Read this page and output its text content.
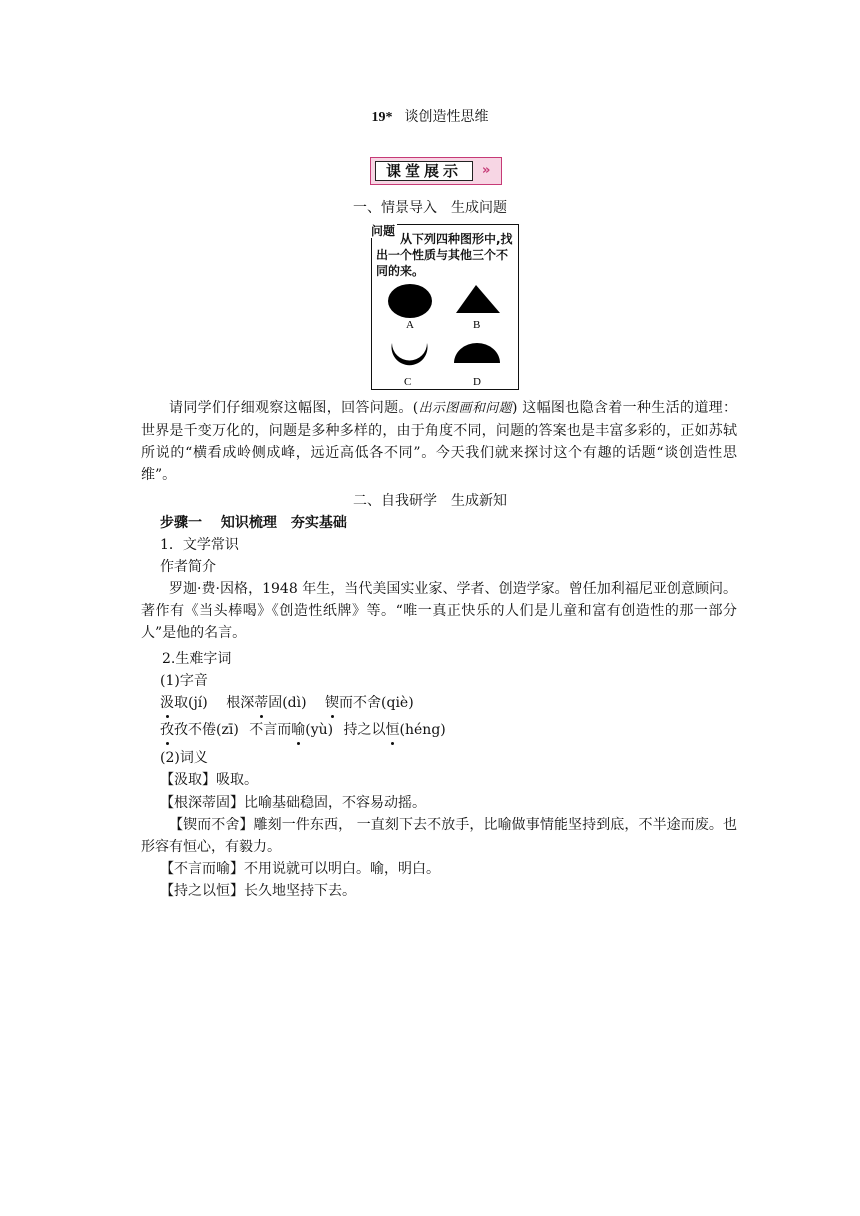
19* 谈创造性思维
课堂展示	»
一、情景导入　生成问题
A	B
C	D
问题
从下列四种图形中,找出一个性质与其他三个不同的来。
请同学们仔细观察这幅图，回答问题。(出示图画和问题) 这幅图也隐含着一种生活的道理：世界是千变万化的，问题是多种多样的，由于角度不同，问题的答案也是丰富多彩的，正如苏轼所说的“横看成岭侧成峰，远近高低各不同”。今天我们就来探讨这个有趣的话题“谈创造性思维”。
二、自我研学　生成新知
步骤一　 知识梳理　夯实基础
1．文学常识
作者简介
罗迦·费·因格，1948 年生，当代美国实业家、学者、创造学家。曾任加利福尼亚创意顾问。著作有《当头棒喝》《创造性纸牌》等。“唯一真正快乐的人们是儿童和富有创造性的那一部分人”是他的名言。
2.生难字词
(1)字音
汲取(jí) 根深蒂固(dì) 锲而不舍(qiè)
孜孜不倦(zī) 不言而喻(yù) 持之以恒(héng)
(2)词义
【汲取】吸取。
【根深蒂固】比喻基础稳固，不容易动摇。
【锲而不舍】雕刻一件东西， 一直刻下去不放手，比喻做事情能坚持到底，不半途而废。也形容有恒心，有毅力。
【不言而喻】不用说就可以明白。喻，明白。
【持之以恒】长久地坚持下去。
